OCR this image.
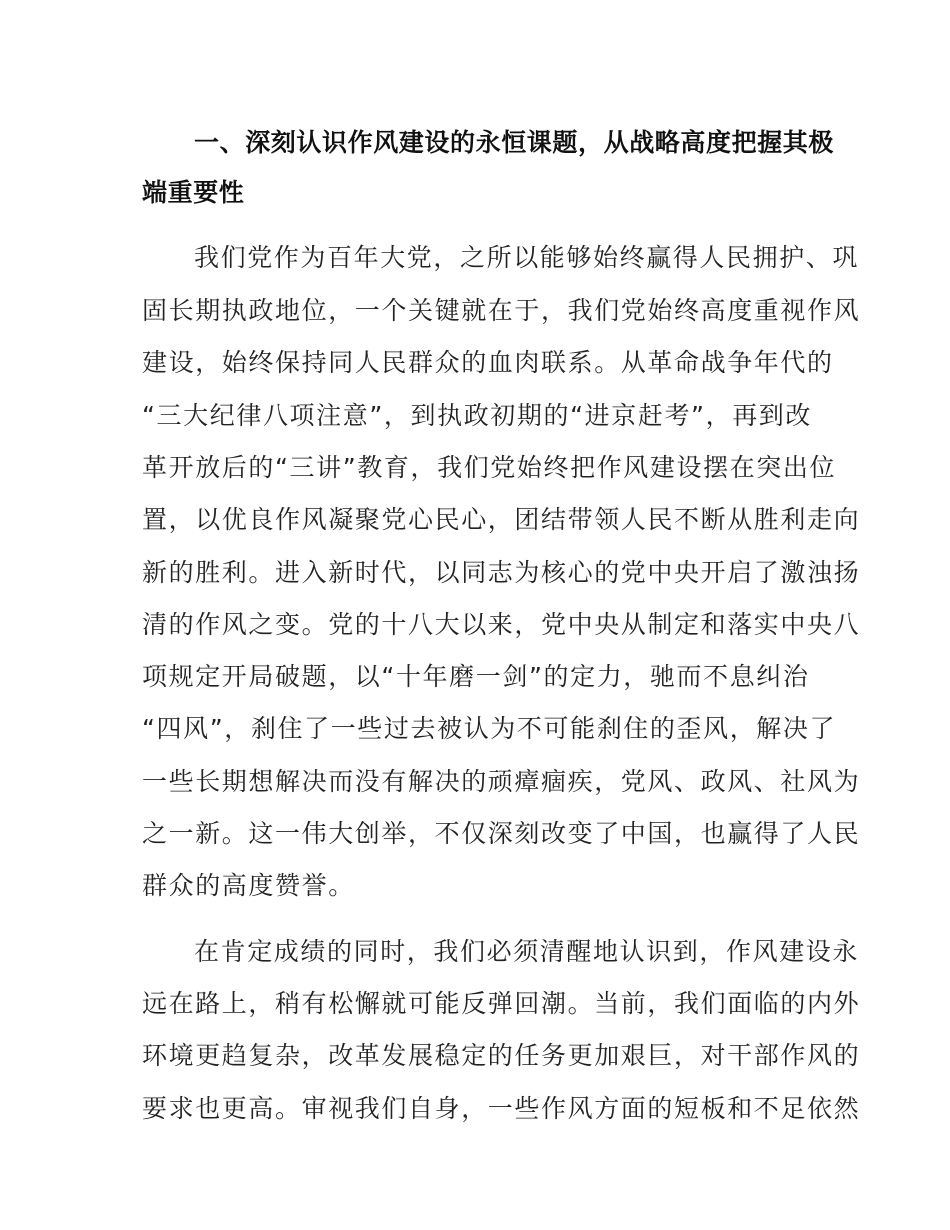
一、深刻认识作风建设的永恒课题，从战略高度把握其极
端重要性
我们党作为百年大党，之所以能够始终赢得人民拥护、巩
固长期执政地位，一个关键就在于，我们党始终高度重视作风
建设，始终保持同人民群众的血肉联系。从革命战争年代的
“三大纪律八项注意”，到执政初期的“进京赶考”，再到改
革开放后的“三讲”教育，我们党始终把作风建设摆在突出位
置，以优良作风凝聚党心民心，团结带领人民不断从胜利走向
新的胜利。进入新时代，以同志为核心的党中央开启了激浊扬
清的作风之变。党的十八大以来，党中央从制定和落实中央八
项规定开局破题，以“十年磨一剑”的定力，驰而不息纠治
“四风”，刹住了一些过去被认为不可能刹住的歪风，解决了
一些长期想解决而没有解决的顽瘴痼疾，党风、政风、社风为
之一新。这一伟大创举，不仅深刻改变了中国，也赢得了人民
群众的高度赞誉。
在肯定成绩的同时，我们必须清醒地认识到，作风建设永
远在路上，稍有松懈就可能反弹回潮。当前，我们面临的内外
环境更趋复杂，改革发展稳定的任务更加艰巨，对干部作风的
要求也更高。审视我们自身，一些作风方面的短板和不足依然
